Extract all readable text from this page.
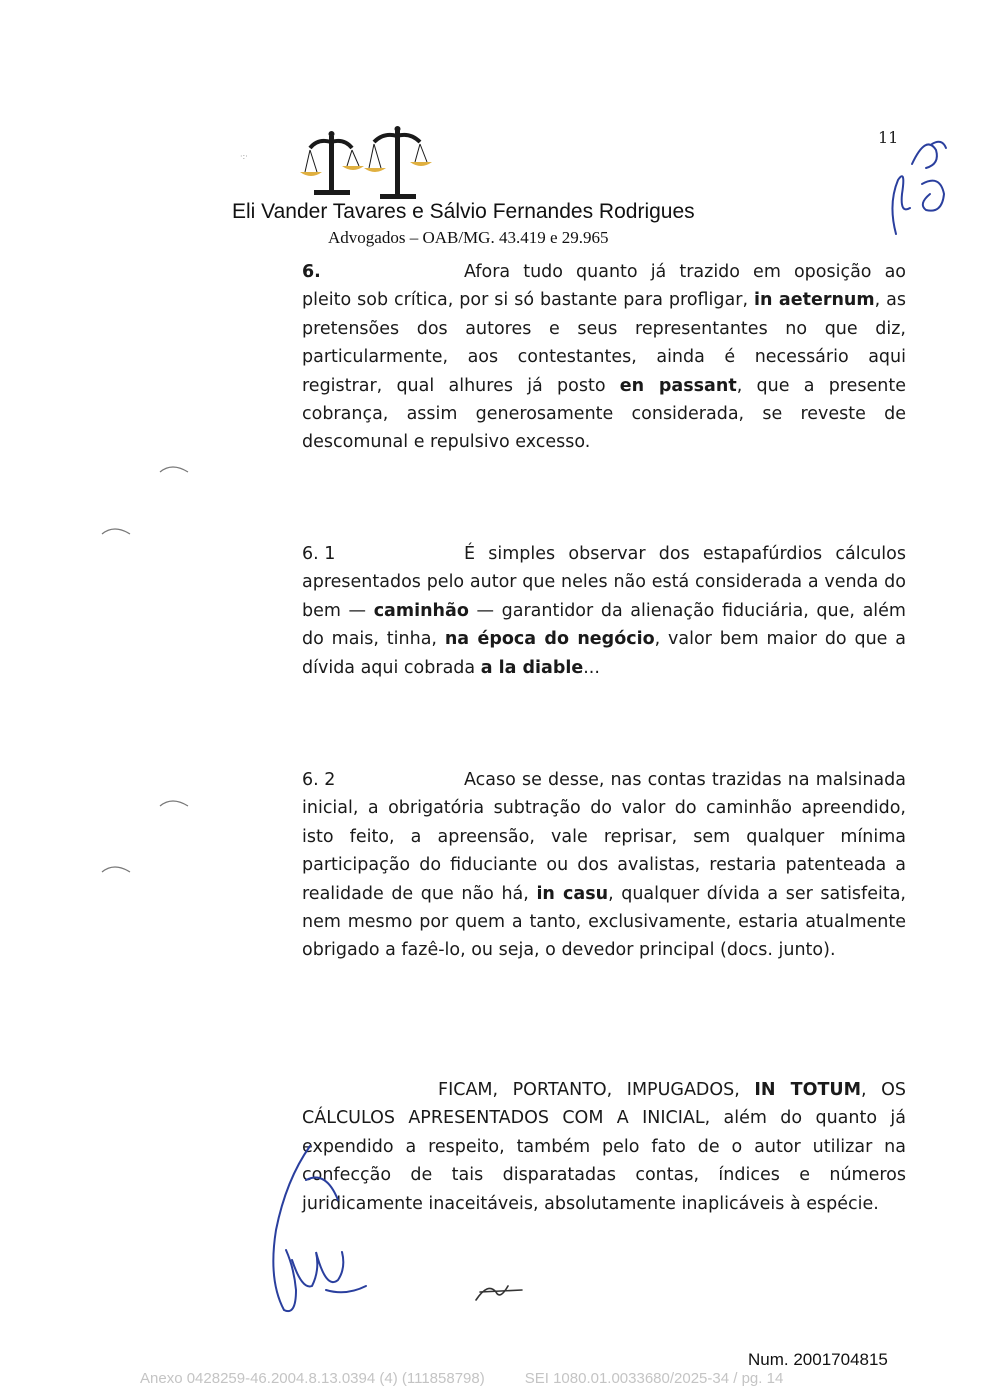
·:·
11
Eli Vander Tavares e Sálvio Fernandes Rodrigues
Advogados – OAB/MG. 43.419 e 29.965
6.	Afora tudo quanto já trazido em oposição ao pleito sob crítica, por si só bastante para profligar, in aeternum, as pretensões dos autores e seus representantes no que diz, particularmente, aos contestantes, ainda é necessário aqui registrar, qual alhures já posto en passant, que a presente cobrança, assim generosamente considerada, se reveste de descomunal e repulsivo excesso.
6. 1	É simples observar dos estapafúrdios cálculos apresentados pelo autor que neles não está considerada a venda do bem — caminhão — garantidor da alienação fiduciária, que, além do mais, tinha, na época do negócio, valor bem maior do que a dívida aqui cobrada a la diable...
6. 2	Acaso se desse, nas contas trazidas na malsinada inicial, a obrigatória subtração do valor do caminhão apreendido, isto feito, a apreensão, vale reprisar, sem qualquer mínima participação do fiduciante ou dos avalistas, restaria patenteada a realidade de que não há, in casu, qualquer dívida a ser satisfeita, nem mesmo por quem a tanto, exclusivamente, estaria atualmente obrigado a fazê-lo, ou seja, o devedor principal (docs. junto).
FICAM, PORTANTO, IMPUGADOS, IN TOTUM, OS CÁLCULOS APRESENTADOS COM A INICIAL, além do quanto já expendido a respeito, também pelo fato de o autor utilizar na confecção de tais disparatadas contas, índices e números juridicamente inaceitáveis, absolutamente inaplicáveis à espécie.
Num. 2001704815
Anexo 0428259-46.2004.8.13.0394 (4) (111858798)	SEI 1080.01.0033680/2025-34 / pg. 14
